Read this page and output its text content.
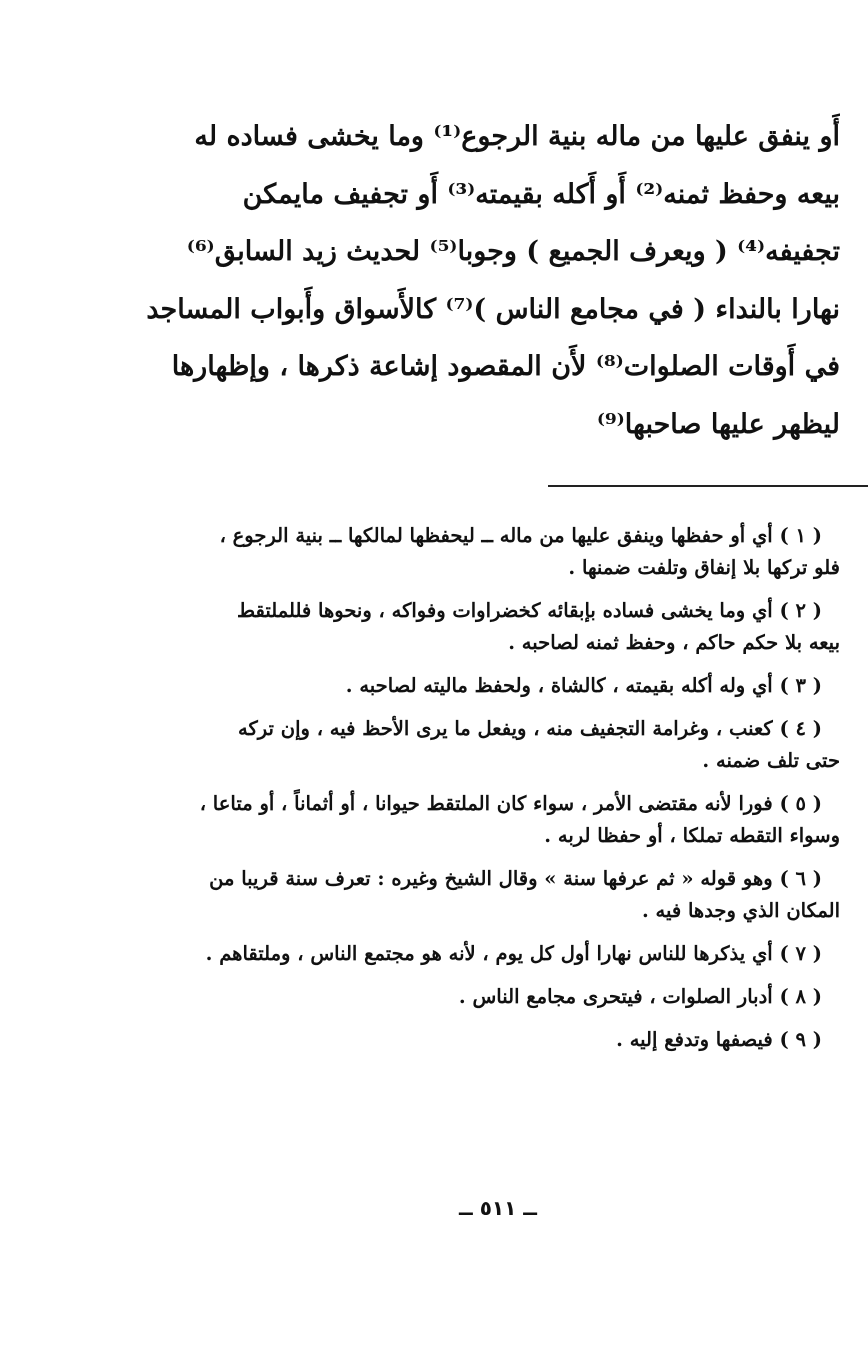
أَو ينفق عليها من ماله بنية الرجوع⁽¹⁾ وما يخشى فساده له
بيعه وحفظ ثمنه⁽²⁾ أَو أَكله بقيمته⁽³⁾ أَو تجفيف مايمكن
تجفيفه⁽⁴⁾ ( ويعرف الجميع ) وجوبا⁽⁵⁾ لحديث زيد السابق⁽⁶⁾
نهارا بالنداء ( في مجامع الناس )⁽⁷⁾ كالأَسواق وأَبواب المساجد
في أَوقات الصلوات⁽⁸⁾ لأَن المقصود إشاعة ذكرها ، وإظهارها
ليظهر عليها صاحبها⁽⁹⁾
( ١ ) أي أو حفظها وينفق عليها من ماله ــ ليحفظها لمالكها ــ بنية الرجوع ،
فلو تركها بلا إنفاق وتلفت ضمنها .
( ٢ ) أي وما يخشى فساده بإبقائه كخضراوات وفواكه ، ونحوها فللملتقط
بيعه بلا حكم حاكم ، وحفظ ثمنه لصاحبه .
( ٣ ) أي وله أكله بقيمته ، كالشاة ، ولحفظ ماليته لصاحبه .
( ٤ ) كعنب ، وغرامة التجفيف منه ، ويفعل ما يرى الأحظ فيه ، وإن تركه
حتى تلف ضمنه .
( ٥ ) فورا لأنه مقتضى الأمر ، سواء كان الملتقط حيوانا ، أو أثماناً ، أو متاعا ،
وسواء التقطه تملكا ، أو حفظا لربه .
( ٦ ) وهو قوله « ثم عرفها سنة » وقال الشيخ وغيره : تعرف سنة قريبا من
المكان الذي وجدها فيه .
( ٧ ) أي يذكرها للناس نهارا أول كل يوم ، لأنه هو مجتمع الناس ، وملتقاهم .
( ٨ ) أدبار الصلوات ، فيتحرى مجامع الناس .
( ٩ ) فيصفها وتدفع إليه .
ــ ٥١١ ــ
